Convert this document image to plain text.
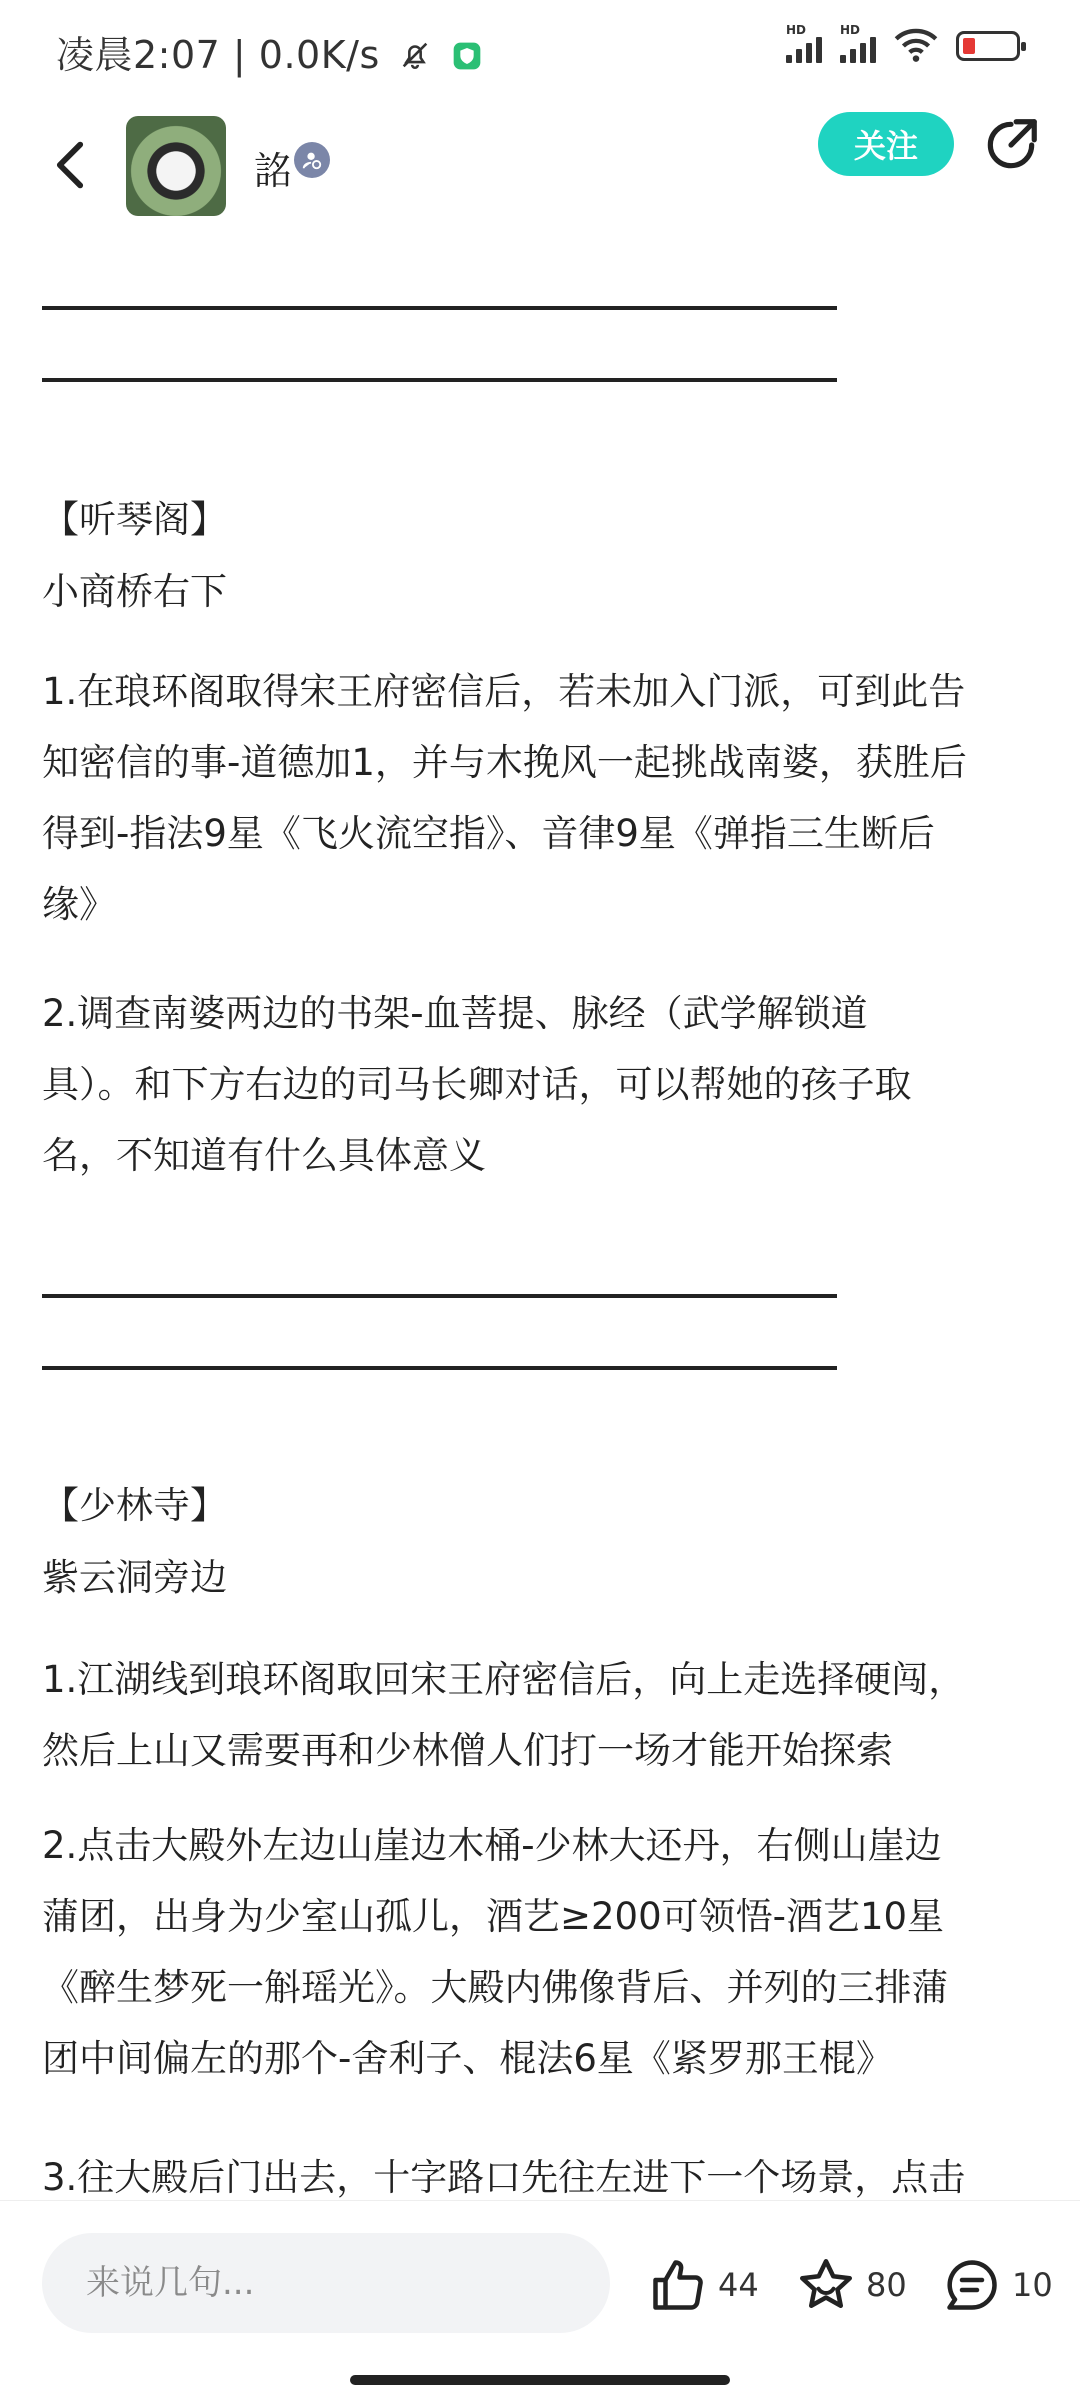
凌晨2:07 | 0.0K/s
HD	HD
詺
关注
【听琴阁】
小商桥右下
1.在琅环阁取得宋王府密信后，若未加入门派，可到此告
知密信的事-道德加1，并与木挽风一起挑战南婆，获胜后
得到-指法9星《飞火流空指》、音律9星《弹指三生断后
缘》
2.调查南婆两边的书架-血菩提、脉经（武学解锁道
具）。和下方右边的司马长卿对话，可以帮她的孩子取
名，不知道有什么具体意义
【少林寺】
紫云洞旁边
1.江湖线到琅环阁取回宋王府密信后，向上走选择硬闯，
然后上山又需要再和少林僧人们打一场才能开始探索
2.点击大殿外左边山崖边木桶-少林大还丹，右侧山崖边
蒲团，出身为少室山孤儿，酒艺≥200可领悟-酒艺10星
《醉生梦死一斛瑶光》。大殿内佛像背后、并列的三排蒲
团中间偏左的那个-舍利子、棍法6星《紧罗那王棍》
3.往大殿后门出去，十字路口先往左进下一个场景，点击
来说几句...
44	80	10
